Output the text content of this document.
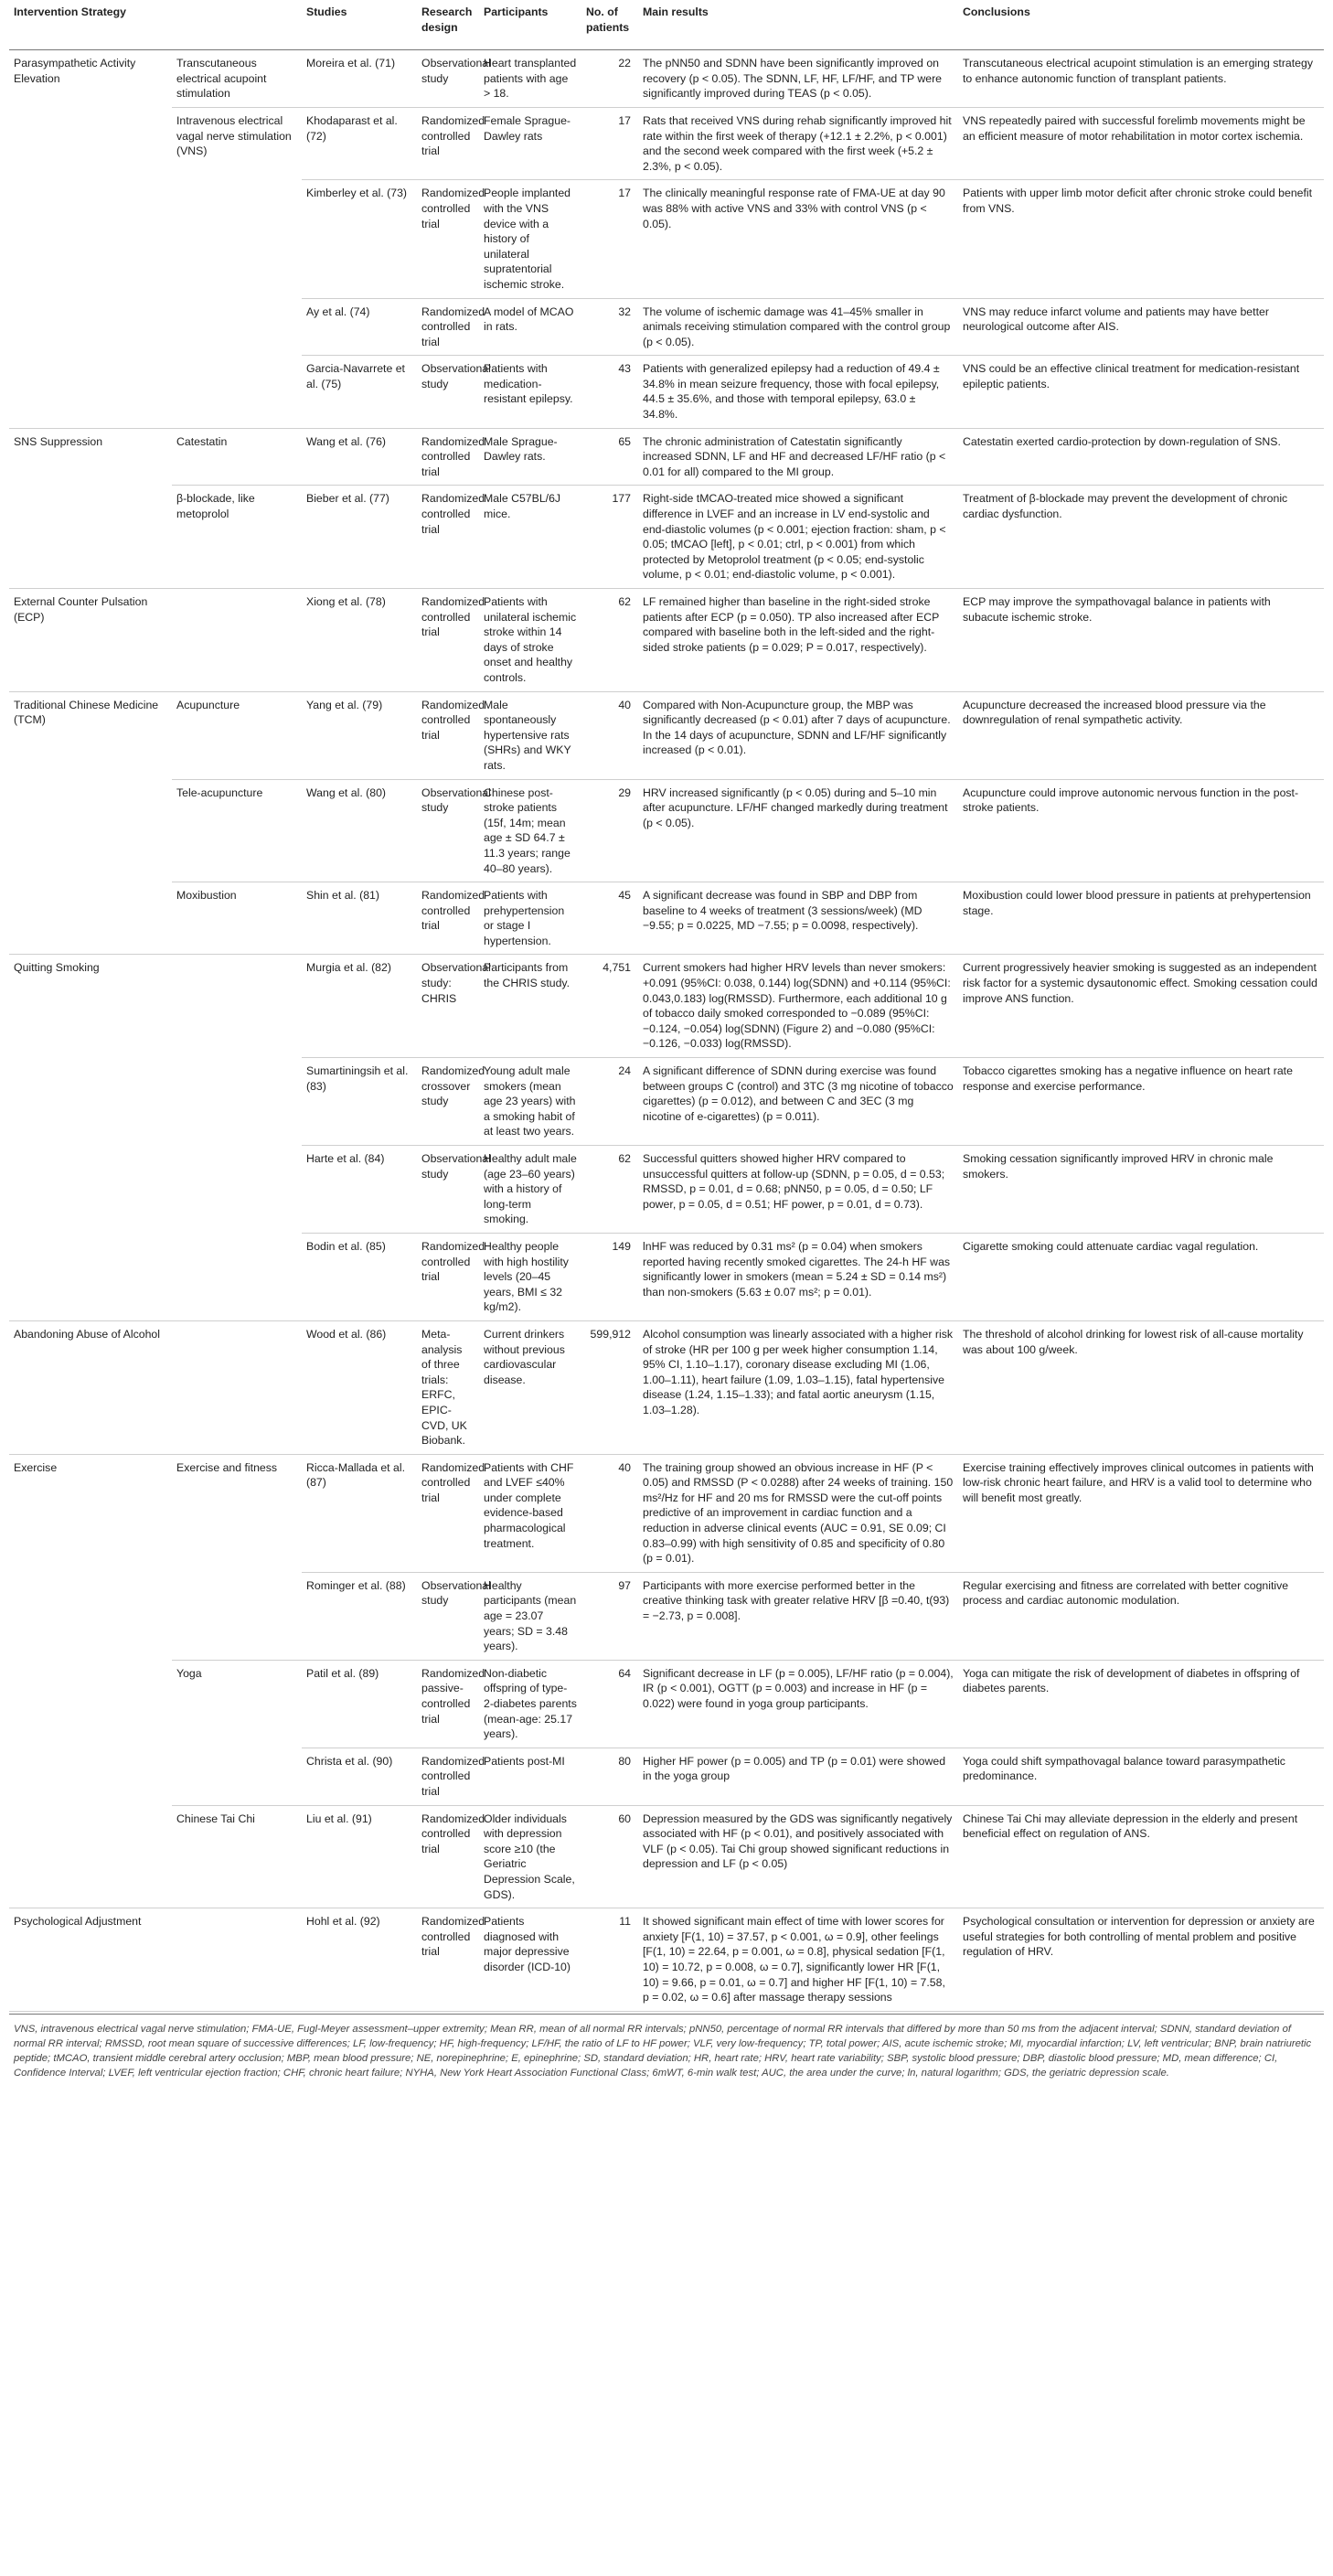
Intervention Strategy		Studies	Research design	Participants	No. of patients	Main results	Conclusions
Parasympathetic Activity Elevation	Transcutaneous electrical acupoint stimulation	Moreira et al. (71)	Observational study	Heart transplanted patients with age > 18.	22	The pNN50 and SDNN have been significantly improved on recovery (p < 0.05). The SDNN, LF, HF, LF/HF, and TP were significantly improved during TEAS (p < 0.05).	Transcutaneous electrical acupoint stimulation is an emerging strategy to enhance autonomic function of transplant patients.
	Intravenous electrical vagal nerve stimulation (VNS)	Khodaparast et al. (72)	Randomized controlled trial	Female Sprague-Dawley rats	17	Rats that received VNS during rehab significantly improved hit rate within the first week of therapy (+12.1 ± 2.2%, p < 0.001) and the second week compared with the first week (+5.2 ± 2.3%, p < 0.05).	VNS repeatedly paired with successful forelimb movements might be an efficient measure of motor rehabilitation in motor cortex ischemia.
		Kimberley et al. (73)	Randomized controlled trial	People implanted with the VNS device with a history of unilateral supratentorial ischemic stroke.	17	The clinically meaningful response rate of FMA-UE at day 90 was 88% with active VNS and 33% with control VNS (p < 0.05).	Patients with upper limb motor deficit after chronic stroke could benefit from VNS.
		Ay et al. (74)	Randomized controlled trial	A model of MCAO in rats.	32	The volume of ischemic damage was 41–45% smaller in animals receiving stimulation compared with the control group (p < 0.05).	VNS may reduce infarct volume and patients may have better neurological outcome after AIS.
		Garcia-Navarrete et al. (75)	Observational study	Patients with medication-resistant epilepsy.	43	Patients with generalized epilepsy had a reduction of 49.4 ± 34.8% in mean seizure frequency, those with focal epilepsy, 44.5 ± 35.6%, and those with temporal epilepsy, 63.0 ± 34.8%.	VNS could be an effective clinical treatment for medication-resistant epileptic patients.
SNS Suppression	Catestatin	Wang et al. (76)	Randomized controlled trial	Male Sprague-Dawley rats.	65	The chronic administration of Catestatin significantly increased SDNN, LF and HF and decreased LF/HF ratio (p < 0.01 for all) compared to the MI group.	Catestatin exerted cardio-protection by down-regulation of SNS.
	β-blockade, like metoprolol	Bieber et al. (77)	Randomized controlled trial	Male C57BL/6J mice.	177	Right-side tMCAO-treated mice showed a significant difference in LVEF and an increase in LV end-systolic and end-diastolic volumes (p < 0.001; ejection fraction: sham, p < 0.05; tMCAO [left], p < 0.01; ctrl, p < 0.001) from which protected by Metoprolol treatment (p < 0.05; end-systolic volume, p < 0.01; end-diastolic volume, p < 0.001).	Treatment of β-blockade may prevent the development of chronic cardiac dysfunction.
External Counter Pulsation (ECP)		Xiong et al. (78)	Randomized controlled trial	Patients with unilateral ischemic stroke within 14 days of stroke onset and healthy controls.	62	LF remained higher than baseline in the right-sided stroke patients after ECP (p = 0.050). TP also increased after ECP compared with baseline both in the left-sided and the right-sided stroke patients (p = 0.029; P = 0.017, respectively).	ECP may improve the sympathovagal balance in patients with subacute ischemic stroke.
Traditional Chinese Medicine (TCM)	Acupuncture	Yang et al. (79)	Randomized controlled trial	Male spontaneously hypertensive rats (SHRs) and WKY rats.	40	Compared with Non-Acupuncture group, the MBP was significantly decreased (p < 0.01) after 7 days of acupuncture. In the 14 days of acupuncture, SDNN and LF/HF significantly increased (p < 0.01).	Acupuncture decreased the increased blood pressure via the downregulation of renal sympathetic activity.
	Tele-acupuncture	Wang et al. (80)	Observational study	Chinese post-stroke patients (15f, 14m; mean age ± SD 64.7 ± 11.3 years; range 40–80 years).	29	HRV increased significantly (p < 0.05) during and 5–10 min after acupuncture. LF/HF changed markedly during treatment (p < 0.05).	Acupuncture could improve autonomic nervous function in the post-stroke patients.
	Moxibustion	Shin et al. (81)	Randomized controlled trial	Patients with prehypertension or stage I hypertension.	45	A significant decrease was found in SBP and DBP from baseline to 4 weeks of treatment (3 sessions/week) (MD −9.55; p = 0.0225, MD −7.55; p = 0.0098, respectively).	Moxibustion could lower blood pressure in patients at prehypertension stage.
Quitting Smoking		Murgia et al. (82)	Observational study: CHRIS	Participants from the CHRIS study.	4,751	Current smokers had higher HRV levels than never smokers: +0.091 (95%CI: 0.038, 0.144) log(SDNN) and +0.114 (95%CI: 0.043,0.183) log(RMSSD). Furthermore, each additional 10 g of tobacco daily smoked corresponded to −0.089 (95%CI: −0.124, −0.054) log(SDNN) (Figure 2) and −0.080 (95%CI: −0.126, −0.033) log(RMSSD).	Current progressively heavier smoking is suggested as an independent risk factor for a systemic dysautonomic effect. Smoking cessation could improve ANS function.
		Sumartiningsih et al. (83)	Randomized crossover study	Young adult male smokers (mean age 23 years) with a smoking habit of at least two years.	24	A significant difference of SDNN during exercise was found between groups C (control) and 3TC (3 mg nicotine of tobacco cigarettes) (p = 0.012), and between C and 3EC (3 mg nicotine of e-cigarettes) (p = 0.011).	Tobacco cigarettes smoking has a negative influence on heart rate response and exercise performance.
		Harte et al. (84)	Observational study	Healthy adult male (age 23–60 years) with a history of long-term smoking.	62	Successful quitters showed higher HRV compared to unsuccessful quitters at follow-up (SDNN, p = 0.05, d = 0.53; RMSSD, p = 0.01, d = 0.68; pNN50, p = 0.05, d = 0.50; LF power, p = 0.05, d = 0.51; HF power, p = 0.01, d = 0.73).	Smoking cessation significantly improved HRV in chronic male smokers.
		Bodin et al. (85)	Randomized controlled trial	Healthy people with high hostility levels (20–45 years, BMI ≤ 32 kg/m2).	149	lnHF was reduced by 0.31 ms² (p = 0.04) when smokers reported having recently smoked cigarettes. The 24-h HF was significantly lower in smokers (mean = 5.24 ± SD = 0.14 ms²) than non-smokers (5.63 ± 0.07 ms²; p = 0.01).	Cigarette smoking could attenuate cardiac vagal regulation.
Abandoning Abuse of Alcohol		Wood et al. (86)	Meta-analysis of three trials: ERFC, EPIC-CVD, UK Biobank.	Current drinkers without previous cardiovascular disease.	599,912	Alcohol consumption was linearly associated with a higher risk of stroke (HR per 100 g per week higher consumption 1.14, 95% CI, 1.10–1.17), coronary disease excluding MI (1.06, 1.00–1.11), heart failure (1.09, 1.03–1.15), fatal hypertensive disease (1.24, 1.15–1.33); and fatal aortic aneurysm (1.15, 1.03–1.28).	The threshold of alcohol drinking for lowest risk of all-cause mortality was about 100 g/week.
Exercise	Exercise and fitness	Ricca-Mallada et al. (87)	Randomized controlled trial	Patients with CHF and LVEF ≤40% under complete evidence-based pharmacological treatment.	40	The training group showed an obvious increase in HF (P < 0.05) and RMSSD (P < 0.0288) after 24 weeks of training. 150 ms²/Hz for HF and 20 ms for RMSSD were the cut-off points predictive of an improvement in cardiac function and a reduction in adverse clinical events (AUC = 0.91, SE 0.09; CI 0.83–0.99) with high sensitivity of 0.85 and specificity of 0.80 (p = 0.01).	Exercise training effectively improves clinical outcomes in patients with low-risk chronic heart failure, and HRV is a valid tool to determine who will benefit most greatly.
		Rominger et al. (88)	Observational study	Healthy participants (mean age = 23.07 years; SD = 3.48 years).	97	Participants with more exercise performed better in the creative thinking task with greater relative HRV [β =0.40, t(93) = −2.73, p = 0.008].	Regular exercising and fitness are correlated with better cognitive process and cardiac autonomic modulation.
	Yoga	Patil et al. (89)	Randomized passive-controlled trial	Non-diabetic offspring of type-2-diabetes parents (mean-age: 25.17 years).	64	Significant decrease in LF (p = 0.005), LF/HF ratio (p = 0.004), IR (p < 0.001), OGTT (p = 0.003) and increase in HF (p = 0.022) were found in yoga group participants.	Yoga can mitigate the risk of development of diabetes in offspring of diabetes parents.
		Christa et al. (90)	Randomized controlled trial	Patients post-MI	80	Higher HF power (p = 0.005) and TP (p = 0.01) were showed in the yoga group	Yoga could shift sympathovagal balance toward parasympathetic predominance.
	Chinese Tai Chi	Liu et al. (91)	Randomized controlled trial	Older individuals with depression score ≥10 (the Geriatric Depression Scale, GDS).	60	Depression measured by the GDS was significantly negatively associated with HF (p < 0.01), and positively associated with VLF (p < 0.05). Tai Chi group showed significant reductions in depression and LF (p < 0.05)	Chinese Tai Chi may alleviate depression in the elderly and present beneficial effect on regulation of ANS.
Psychological Adjustment		Hohl et al. (92)	Randomized controlled trial	Patients diagnosed with major depressive disorder (ICD-10)	11	It showed significant main effect of time with lower scores for anxiety [F(1, 10) = 37.57, p < 0.001, ω = 0.9], other feelings [F(1, 10) = 22.64, p = 0.001, ω = 0.8], physical sedation [F(1, 10) = 10.72, p = 0.008, ω = 0.7], significantly lower HR [F(1, 10) = 9.66, p = 0.01, ω = 0.7] and higher HF [F(1, 10) = 7.58, p = 0.02, ω = 0.6] after massage therapy sessions	Psychological consultation or intervention for depression or anxiety are useful strategies for both controlling of mental problem and positive regulation of HRV.
VNS, intravenous electrical vagal nerve stimulation; FMA-UE, Fugl-Meyer assessment–upper extremity; Mean RR, mean of all normal RR intervals; pNN50, percentage of normal RR intervals that differed by more than 50 ms from the adjacent interval; SDNN, standard deviation of normal RR interval; RMSSD, root mean square of successive differences; LF, low-frequency; HF, high-frequency; LF/HF, the ratio of LF to HF power; VLF, very low-frequency; TP, total power; AIS, acute ischemic stroke; MI, myocardial infarction; LV, left ventricular; BNP, brain natriuretic peptide; tMCAO, transient middle cerebral artery occlusion; MBP, mean blood pressure; NE, norepinephrine; E, epinephrine; SD, standard deviation; HR, heart rate; HRV, heart rate variability; SBP, systolic blood pressure; DBP, diastolic blood pressure; MD, mean difference; CI, Confidence Interval; LVEF, left ventricular ejection fraction; CHF, chronic heart failure; NYHA, New York Heart Association Functional Class; 6mWT, 6-min walk test; AUC, the area under the curve; ln, natural logarithm; GDS, the geriatric depression scale.
